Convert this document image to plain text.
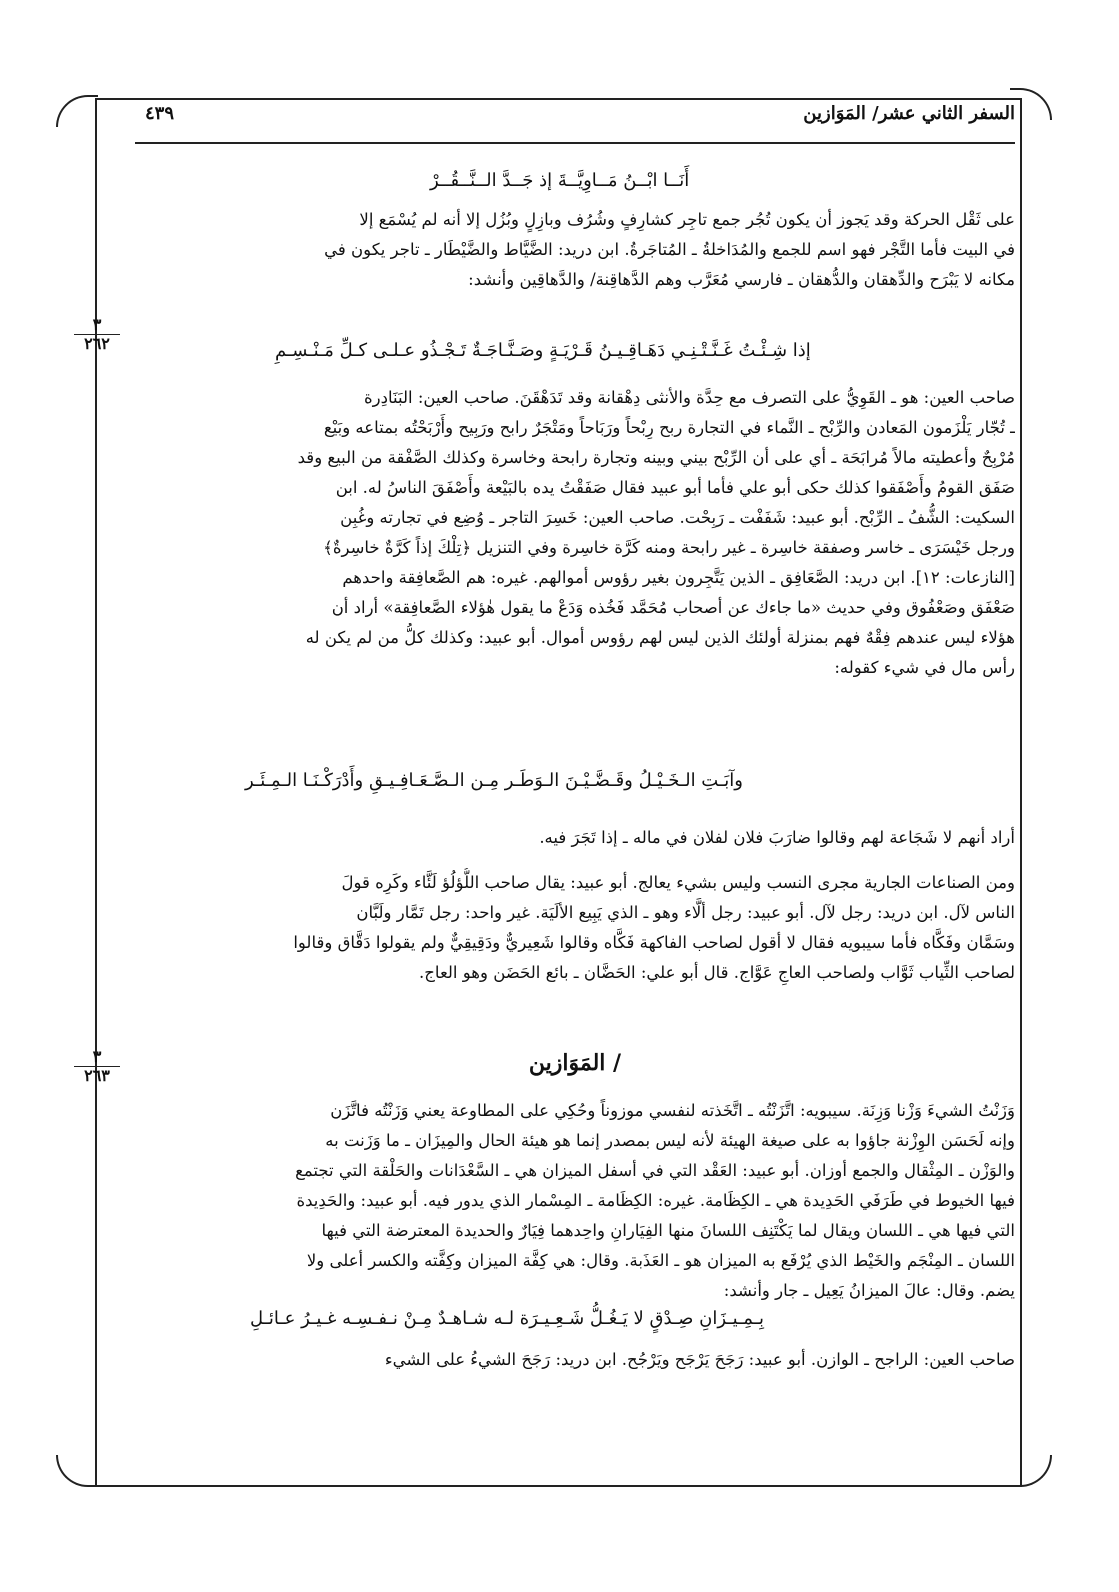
السفر الثاني عشر/ المَوَازين
٤٣٩
أَنَــا ابْــنُ مَــاوِيَّــةَ إذ جَــدَّ الــنَّــقُــرْ
على ثَقْل الحركة وقد يَجوز أن يكون تُجُر جمع تاجِر كشارِفٍ وشُرُف وبازِلٍ وبُزُل إلا أنه لم يُسْمَع إلا
في البيت فأما التَّجْر فهو اسم للجمع والمُدَاخلةُ ـ المُتاجَرةُ. ابن دريد: الضَّيَّاط والضَّيْطَار ـ تاجر يكون في
مكانه لا يَبْرَح والدِّهقان والدُّهقان ـ فارسي مُعَرَّب وهم الدَّهاقِنة/ والدَّهاقِين وأنشد:
٣
٢٦٢	إذا شِـئْـتُ غَـنَّـتْـنِـي دَهَـاقِـيـنُ قَـرْيَـةٍ وصَـنَّـاجَـةٌ تَـجْـذُو عـلـى كـلِّ مَـنْـسِـمِ
صاحب العين: هو ـ القَوِيُّ على التصرف مع حِدَّة والأنثى دِهْقانة وقد تَدَهْقَنَ. صاحب العين: البَنَادِرة
ـ تُجّار يَلْزَمون المَعادن والرِّبْح ـ النَّماء في التجارة ربح رِبْحاً ورَبَاحاً ومَتْجَرٌ رابح ورَبِيح وأَرْبَحْتُه بمتاعه وبَيْع
مُرْبِحٌ وأعطيته مالاً مُرابَحَة ـ أي على أن الرِّبْح بيني وبينه وتجارة رابحة وخاسرة وكذلك الصَّفْقة من البيع وقد
صَفَق القومُ وأَصْفَقوا كذلك حكى أبو علي فأما أبو عبيد فقال صَفَقْتُ يده بالبَيْعة وأَصْفَقَ الناسُ له. ابن
السكيت: الشُّفُ ـ الرِّبْح. أبو عبيد: شَفَفْت ـ رَبِحْت. صاحب العين: خَسِرَ التاجر ـ وُضِع في تجارته وغُبِن
ورجل خَيْسَرَى ـ خاسر وصفقة خاسِرة ـ غير رابحة ومنه كَرَّة خاسِرة وفي التنزيل ﴿تِلْكَ إذاً كَرَّةٌ خاسِرةٌ﴾
[النازعات: ١٢]. ابن دريد: الصَّعَافِق ـ الذين يَتَّجِرون بغير رؤوس أموالهم. غيره: هم الصَّعافِقة واحدهم
صَعْفَق وصَعْفُوق وفي حديث «ما جاءك عن أصحاب مُحَمَّد فَخُذه وَدَعْ ما يقول هٰؤلاء الصَّعافِقة» أراد أن
هؤلاء ليس عندهم فِقْهٌ فهم بمنزلة أولئك الذين ليس لهم رؤوس أموال. أبو عبيد: وكذلك كلُّ من لم يكن له
رأس مال في شيء كقوله:
وآبَـتِ الـخَـيْـلُ وقَـضَّـيْـنَ الـوَطَـر مِـن الـصَّـعَـافِـيـقِ وأَدْرَكْـنَـا الـمِـئَـر
أراد أنهم لا شَجَاعة لهم وقالوا ضارَبَ فلان لفلان في ماله ـ إذا تَجَرَ فيه.
ومن الصناعات الجارية مجرى النسب وليس بشيء يعالج. أبو عبيد: يقال صاحب اللُّؤلُؤ لَئَّاء وكَرِه قولَ
الناس لآل. ابن دريد: رجل لآل. أبو عبيد: رجل ألَّاء وهو ـ الذي يَبِيع الألَيَة. غير واحد: رجل تَمَّار ولَبَّان
وسَمَّان وفَكَّاه فأما سيبويه فقال لا أقول لصاحب الفاكهة فَكَّاه وقالوا شَعِيريٌّ ودَقِيقِيٌّ ولم يقولوا دَقَّاق وقالوا
لصاحب الثِّياب ثَوَّاب ولصاحب العاجِ عَوَّاج. قال أبو علي: الحَضَّان ـ بائع الحَضَن وهو العاج.
٣
٢٦٣	/ المَوَازين
وَزَنْتُ الشيءَ وَزْنا وَزِنَة. سيبويه: اتَّزَنْتُه ـ اتَّخَذته لنفسي موزوناً وحُكِي على المطاوعة يعني وَزَنْتُه فاتَّزَن
وإنه لَحَسَن الوِزْنة جاؤوا به على صيغة الهيئة لأنه ليس بمصدر إنما هو هيئة الحال والمِيزَان ـ ما وَزَنت به
والوَزْن ـ المِثْقال والجمع أوزان. أبو عبيد: العَقْد التي في أسفل الميزان هي ـ السَّعْدَانات والحَلْقة التي تجتمع
فيها الخيوط في طَرَفَي الحَدِيدة هي ـ الكِظَامة. غيره: الكِظَامة ـ المِسْمار الذي يدور فيه. أبو عبيد: والحَدِيدة
التي فيها هي ـ اللسان ويقال لما يَكْتَنِف اللسانَ منها الفِيَارانِ واحِدهما فِيَارٌ والحديدة المعترضة التي فيها
اللسان ـ المِنْجَم والخَيْط الذي يُرْفَع به الميزان هو ـ العَذَبة. وقال: هي كِفَّة الميزان وكِفَّته والكسر أعلى ولا
يضم. وقال: عالَ الميزانُ يَعِيل ـ جار وأنشد:
بِـمِـيـزَانِ صِـدْقٍ لا يَـغُـلُّ شَـعِـيـرَة لـه شـاهـدٌ مِـنْ نـفـسِـه غـيـرُ عـائـلِ
صاحب العين: الراجح ـ الوازن. أبو عبيد: رَجَحَ يَرْجَح ويَرْجُح. ابن دريد: رَجَحَ الشيءُ على الشيء
